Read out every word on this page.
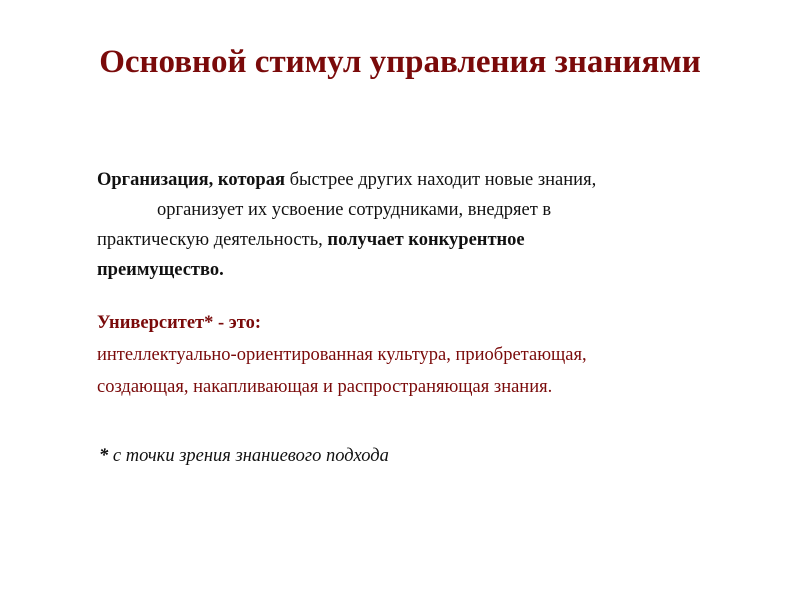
Основной стимул управления знаниями
Организация, которая быстрее других находит новые знания,
организует их усвоение сотрудниками, внедряет в
практическую деятельность, получает конкурентное
преимущество.
Университет* - это:
интеллектуально-ориентированная культура, приобретающая,
создающая, накапливающая и распространяющая знания.
* с точки зрения знаниевого подхода
